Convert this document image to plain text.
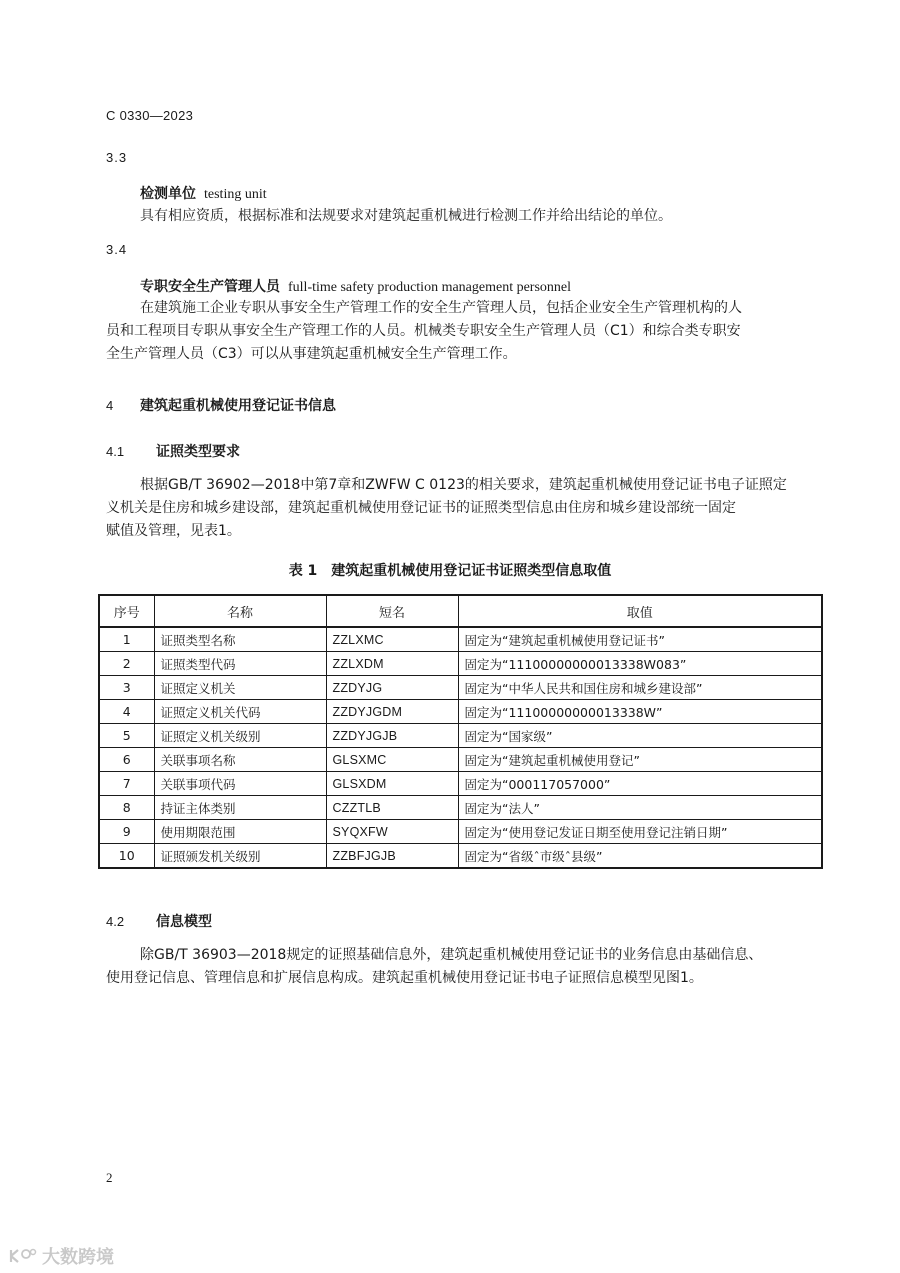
C 0330—2023
3.3
检测单位 testing unit
具有相应资质，根据标准和法规要求对建筑起重机械进行检测工作并给出结论的单位。
3.4
专职安全生产管理人员 full-time safety production management personnel
在建筑施工企业专职从事安全生产管理工作的安全生产管理人员，包括企业安全生产管理机构的人
员和工程项目专职从事安全生产管理工作的人员。机械类专职安全生产管理人员（C1）和综合类专职安
全生产管理人员（C3）可以从事建筑起重机械安全生产管理工作。
4 建筑起重机械使用登记证书信息
4.1 证照类型要求
根据GB/T 36902—2018中第7章和ZWFW C 0123的相关要求，建筑起重机械使用登记证书电子证照定
义机关是住房和城乡建设部，建筑起重机械使用登记证书的证照类型信息由住房和城乡建设部统一固定
赋值及管理，见表1。
表 1　建筑起重机械使用登记证书证照类型信息取值
序号	名称	短名	取值
1	证照类型名称	ZZLXMC	固定为“建筑起重机械使用登记证书”
2	证照类型代码	ZZLXDM	固定为“11100000000013338W083”
3	证照定义机关	ZZDYJG	固定为“中华人民共和国住房和城乡建设部”
4	证照定义机关代码	ZZDYJGDM	固定为“11100000000013338W”
5	证照定义机关级别	ZZDYJGJB	固定为“国家级”
6	关联事项名称	GLSXMC	固定为“建筑起重机械使用登记”
7	关联事项代码	GLSXDM	固定为“000117057000”
8	持证主体类别	CZZTLB	固定为“法人”
9	使用期限范围	SYQXFW	固定为“使用登记发证日期至使用登记注销日期”
10	证照颁发机关级别	ZZBFJGJB	固定为“省级ˆ市级ˆ县级”
4.2 信息模型
除GB/T 36903—2018规定的证照基础信息外，建筑起重机械使用登记证书的业务信息由基础信息、
使用登记信息、管理信息和扩展信息构成。建筑起重机械使用登记证书电子证照信息模型见图1。
2
大数跨境
